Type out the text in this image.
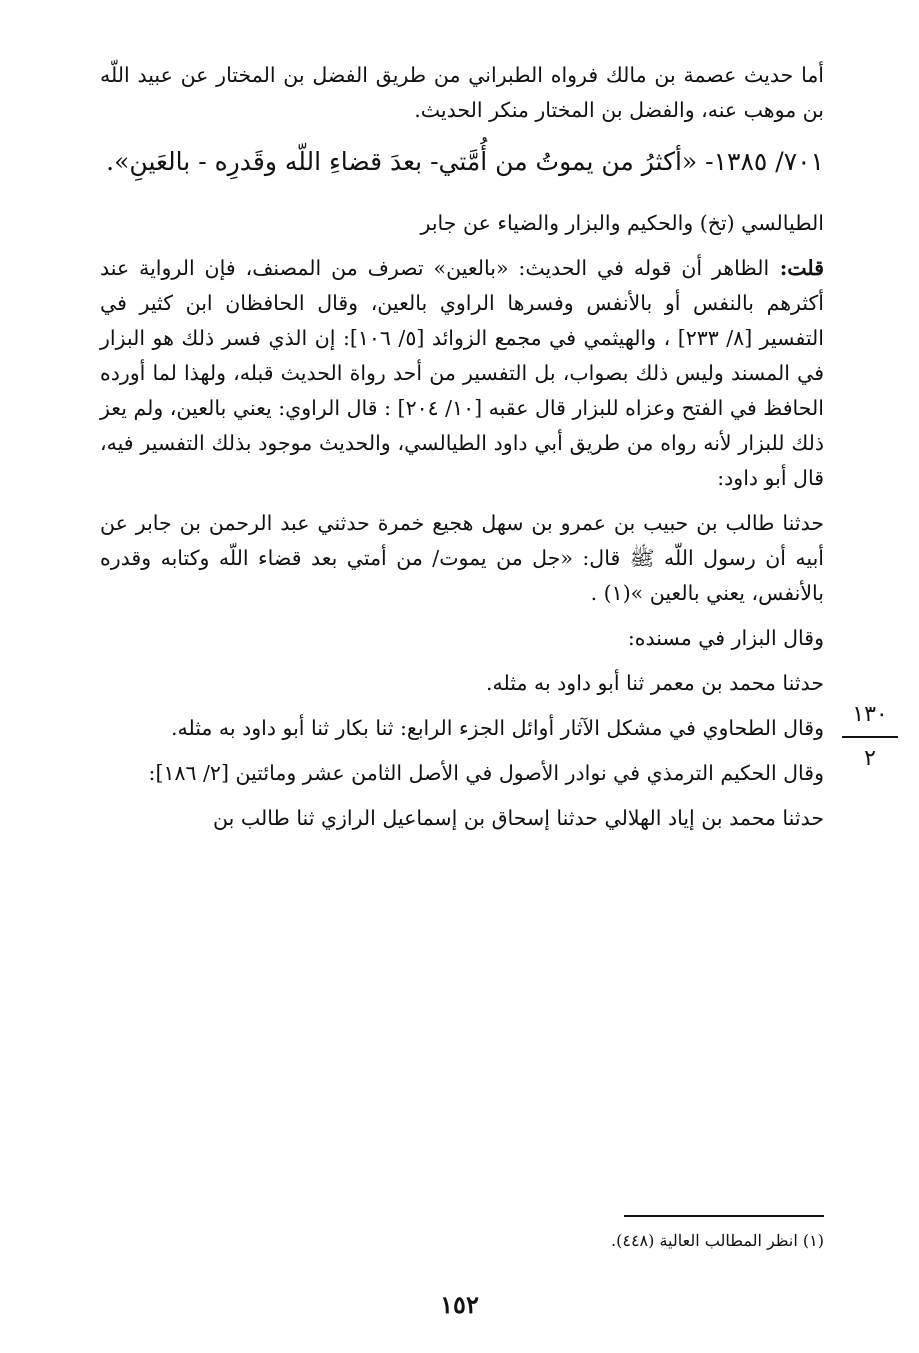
أما حديث عصمة بن مالك فرواه الطبراني من طريق الفضل بن المختار عن عبيد اللّه بن موهب عنه، والفضل بن المختار منكر الحديث.

٧٠١/ ١٣٨٥- «أكثرُ من يموتُ من أُمَّتي- بعدَ قضاءِ اللّه وقَدرِه - بالعَينِ».

الطيالسي (تخ) والحكيم والبزار والضياء عن جابر

قلت: الظاهر أن قوله في الحديث: «بالعين» تصرف من المصنف، فإن الرواية عند أكثرهم بالنفس أو بالأنفس وفسرها الراوي بالعين، وقال الحافظان ابن كثير في التفسير [٨/ ٢٣٣] ، والهيثمي في مجمع الزوائد [٥/ ١٠٦]: إن الذي فسر ذلك هو البزار في المسند وليس ذلك بصواب، بل التفسير من أحد رواة الحديث قبله، ولهذا لما أورده الحافظ في الفتح وعزاه للبزار قال عقبه [١٠/ ٢٠٤] : قال الراوي: يعني بالعين، ولم يعز ذلك للبزار لأنه رواه من طريق أبي داود الطيالسي، والحديث موجود بذلك التفسير فيه، قال أبو داود:

حدثنا طالب بن حبيب بن عمرو بن سهل هجيع خمرة حدثني عبد الرحمن بن جابر عن أبيه أن رسول اللّه ﷺ قال: «جل من يموت/ من أمتي بعد قضاء اللّه وكتابه وقدره بالأنفس، يعني بالعين »(١) .

وقال البزار في مسنده:

حدثنا محمد بن معمر ثنا أبو داود به مثله.

وقال الطحاوي في مشكل الآثار أوائل الجزء الرابع: ثنا بكار ثنا أبو داود به مثله.

وقال الحكيم الترمذي في نوادر الأصول في الأصل الثامن عشر ومائتين [٢/ ١٨٦]:

حدثنا محمد بن إياد الهلالي حدثنا إسحاق بن إسماعيل الرازي ثنا طالب بن

١٣٠
٢
(١) انظر المطالب العالية (٤٤٨).
١٥٢
